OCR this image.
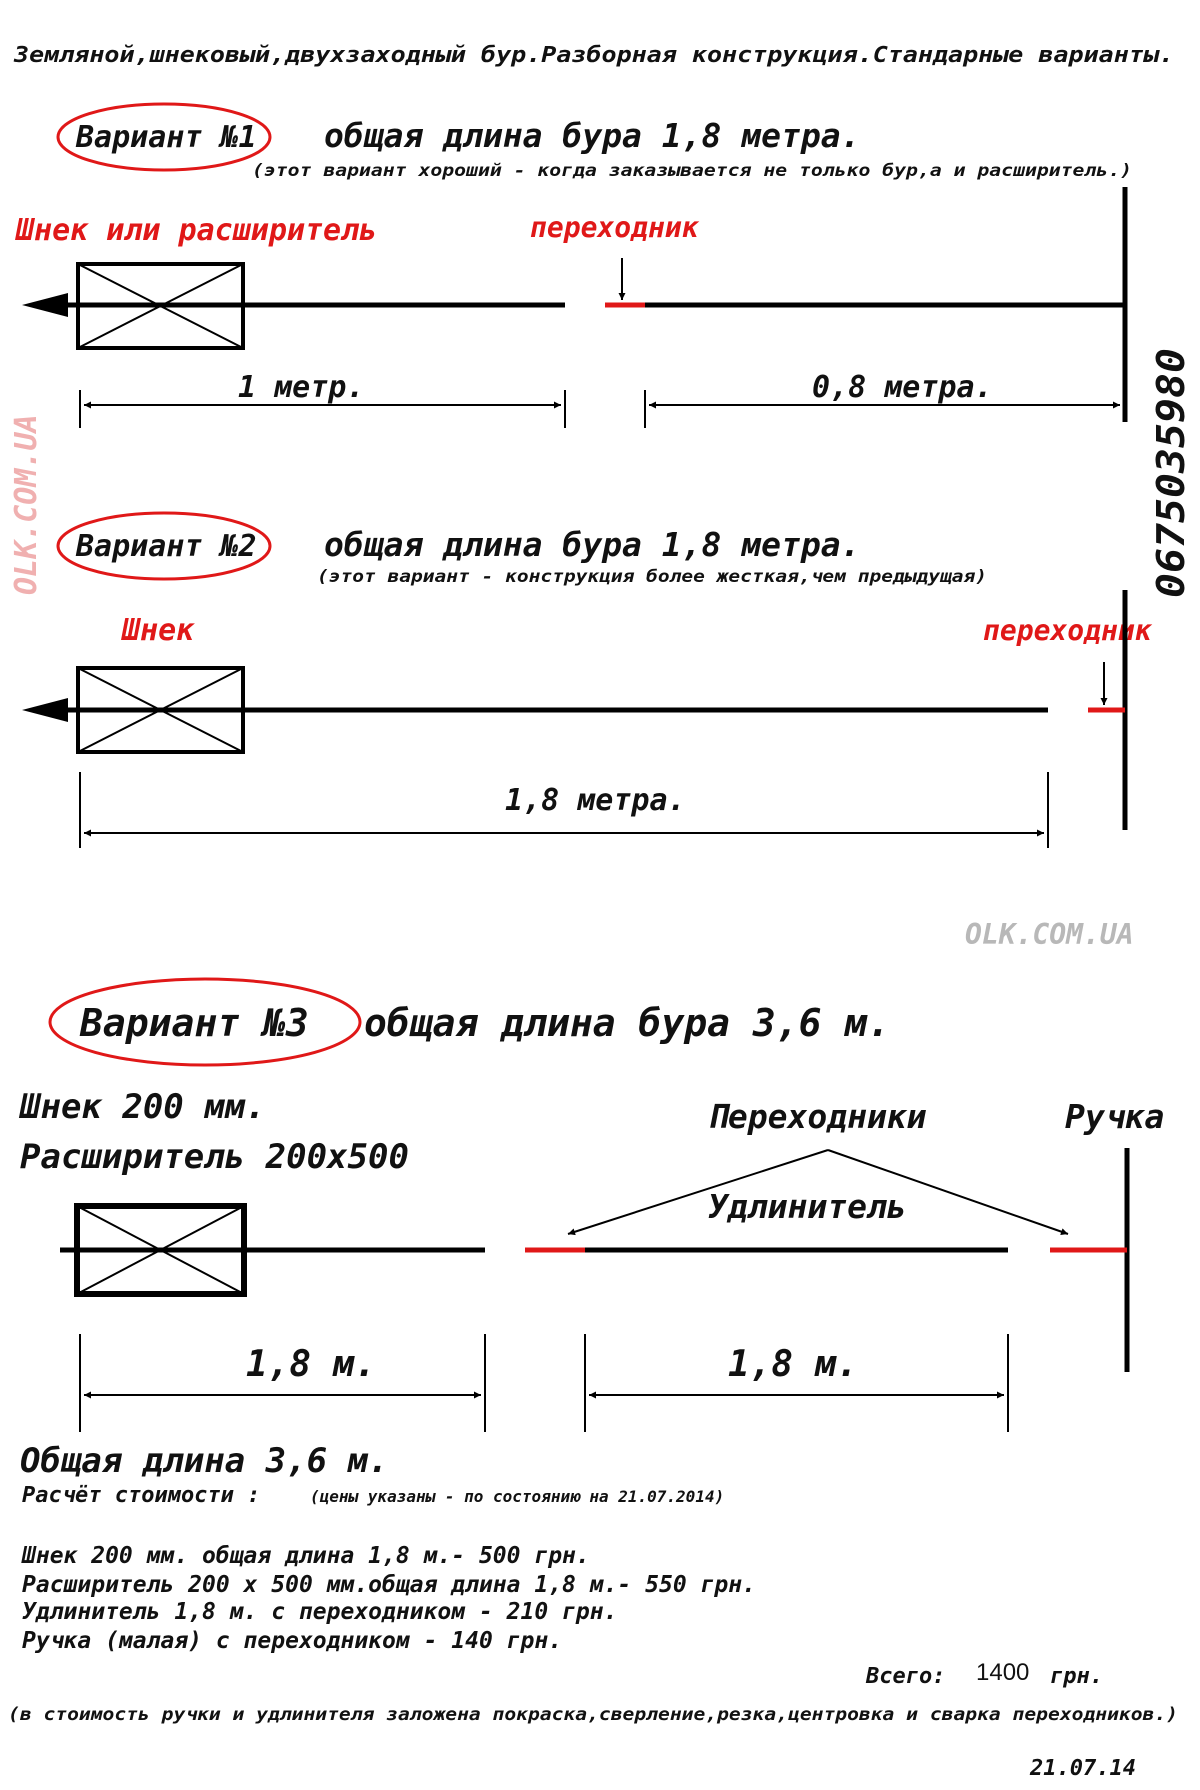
Земляной,шнековый,двухзаходный бур.Разборная конструкция.Стандарные варианты.
OLK.COM.UA	0675035980
OLK.COM.UA
Вариант №1 общая длина бура 1,8 метра.
(этот вариант хороший - когда заказывается не только бур,а и расширитель.)
Шнек или расширитель	переходник
1 метр.	0,8 метра.
Вариант №2 общая длина бура 1,8 метра.
(этот вариант - конструкция более жесткая,чем предыдущая)
Шнек	переходник
1,8 метра.
Вариант №3 общая длина бура 3,6 м.
Шнек 200 мм.
Расширитель 200х500
Переходники	Ручка
Удлинитель
1,8 м.	1,8 м.
Общая длина 3,6 м.
Расчёт стоимости :	(цены указаны - по состоянию на 21.07.2014)
Шнек 200 мм. общая длина 1,8 м.- 500 грн.
Расширитель 200 х 500 мм.общая длина 1,8 м.- 550 грн.
Удлинитель 1,8 м. с переходником - 210 грн.
Ручка (малая) с переходником - 140 грн.
Всего: 1400 грн.
(в стоимость ручки и удлинителя заложена покраска,сверление,резка,центровка и сварка переходников.)
21.07.14
